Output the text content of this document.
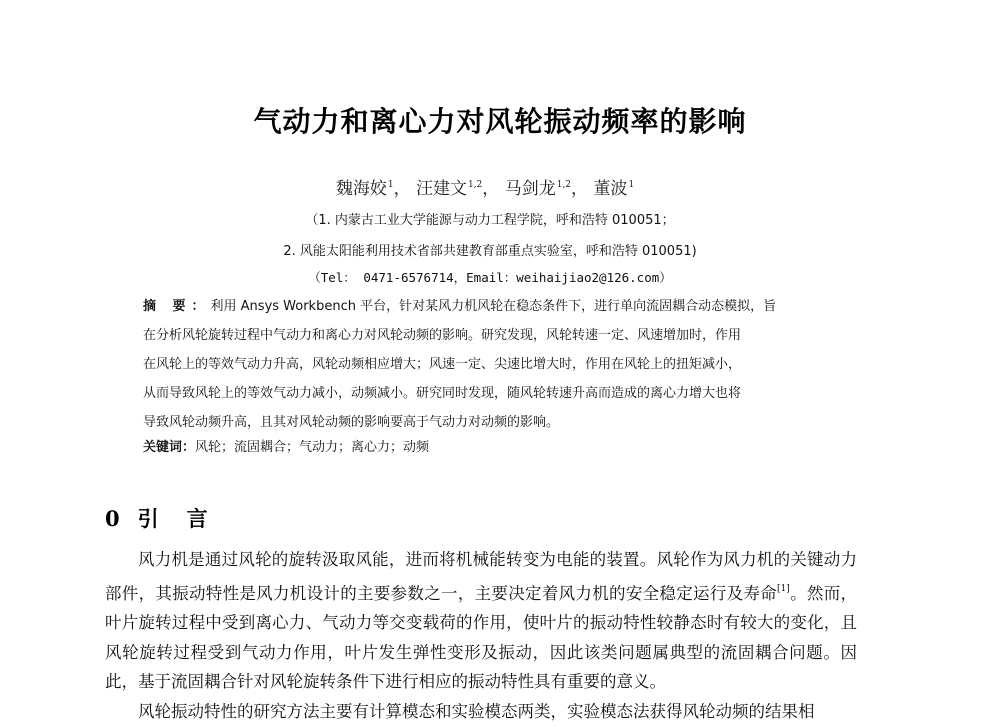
气动力和离心力对风轮振动频率的影响
魏海姣$^1$， 汪建文$^{1,2}$， 马剑龙$^{1,2}$， 董波$^1$
（1. 内蒙古工业大学能源与动力工程学院，呼和浩特 010051；
2. 风能太阳能利用技术省部共建教育部重点实验室，呼和浩特 010051)
（Tel： 0471-6576714，Email：weihaijiao2@126.com）
摘 要：利用 Ansys Workbench 平台，针对某风力机风轮在稳态条件下，进行单向流固耦合动态模拟，旨
在分析风轮旋转过程中气动力和离心力对风轮动频的影响。研究发现，风轮转速一定、风速增加时，作用
在风轮上的等效气动力升高，风轮动频相应增大；风速一定、尖速比增大时，作用在风轮上的扭矩减小，
从而导致风轮上的等效气动力减小，动频减小。研究同时发现，随风轮转速升高而造成的离心力增大也将
导致风轮动频升高，且其对风轮动频的影响要高于气动力对动频的影响。
关键词：风轮；流固耦合；气动力；离心力；动频
0 引言
风力机是通过风轮的旋转汲取风能，进而将机械能转变为电能的装置。风轮作为风力机的关键动力部件，其振动特性是风力机设计的主要参数之一，主要决定着风力机的安全稳定运行及寿命[1]。然而，叶片旋转过程中受到离心力、气动力等交变载荷的作用，使叶片的振动特性较静态时有较大的变化，且风轮旋转过程受到气动力作用，叶片发生弹性变形及振动，因此该类问题属典型的流固耦合问题。因此，基于流固耦合针对风轮旋转条件下进行相应的振动特性具有重要的意义。
风轮振动特性的研究方法主要有计算模态和实验模态两类，实验模态法获得风轮动频的结果相
